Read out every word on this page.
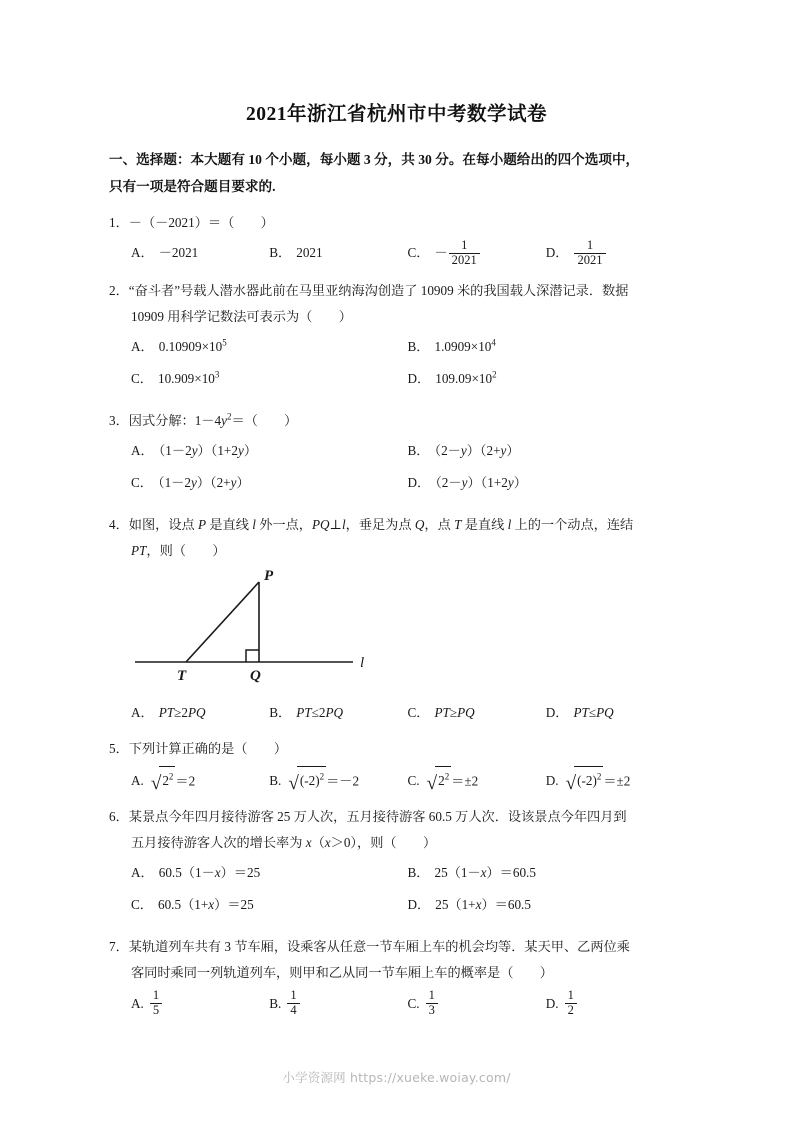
2021年浙江省杭州市中考数学试卷
一、选择题：本大题有 10 个小题，每小题 3 分，共 30 分。在每小题给出的四个选项中，
只有一项是符合题目要求的.
1．－（－2021）＝（　　）
A． －2021	B． 2021	C． － $\frac{1}{2021}$	D． $\frac{1}{2021}$
2．“奋斗者”号载人潜水器此前在马里亚纳海沟创造了 10909 米的我国载人深潜记录．数据
10909 用科学记数法可表示为（　　）
A． $0.10909\times 10^5$	B． $1.0909\times 10^4$
C． $10.909\times 10^3$	D． $109.09\times 10^2$
3．因式分解：$1-4y^2=$（　　）
A． （1－2y）（1+2y）	B． （2－y）（2+y）
C． （1－2y）（2+y）	D． （2－y）（1+2y）
4．如图，设点 P 是直线 l 外一点，PQ⊥l，垂足为点 Q，点 T 是直线 l 上的一个动点，连结
PT，则（　　）
P
T	Q
l
A． PT≥2PQ	B． PT≤2PQ	C． PT≥PQ	D． PT≤PQ
5．下列计算正确的是（　　）
A. $√2^2 =2$	B. $√(-2)^2 =-2$	C. $√2^2 =\pm 2$	D. $√(-2)^2 =\pm 2$
6．某景点今年四月接待游客 25 万人次，五月接待游客 60.5 万人次．设该景点今年四月到
五月接待游客人次的增长率为 x（x＞0），则（　　）
A． 60.5（1－x）＝25	B． 25（1－x）＝60.5
C． 60.5（1+x）＝25	D． 25（1+x）＝60.5
7．某轨道列车共有 3 节车厢，设乘客从任意一节车厢上车的机会均等．某天甲、乙两位乘
客同时乘同一列轨道列车，则甲和乙从同一节车厢上车的概率是（　　）
A. $\frac{1}{5}$	B. $\frac{1}{4}$	C. $\frac{1}{3}$	D. $\frac{1}{2}$
小学资源网 https://xueke.woiay.com/
